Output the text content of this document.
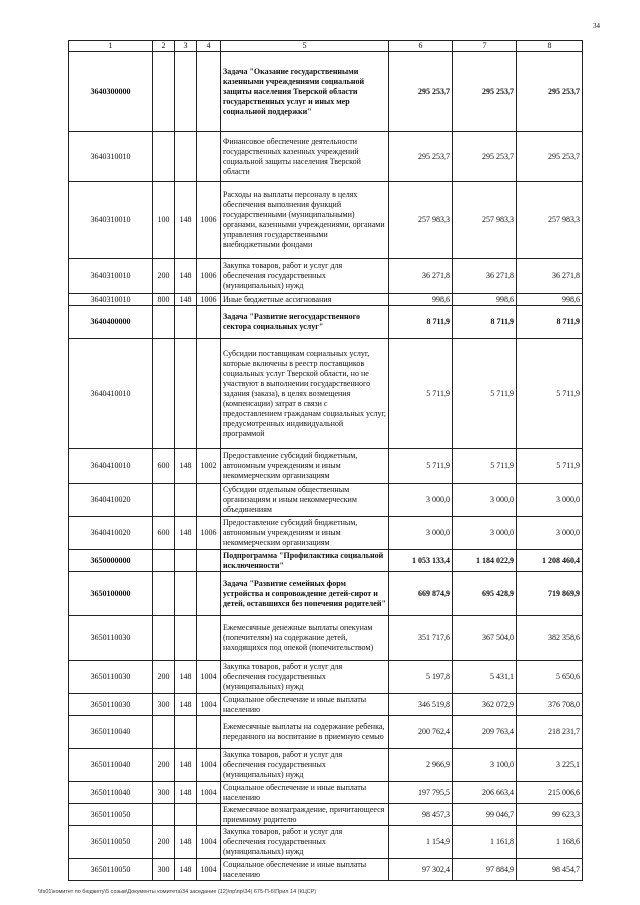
34
1	2	3	4	5	6	7	8
3640300000				Задача "Оказание государственными казенными учреждениями социальной защиты населения Тверской области государственных услуг и иных мер социальной поддержки"	295 253,7	295 253,7	295 253,7
3640310010				Финансовое обеспечение деятельности государственных казенных учреждений социальной защиты населения Тверской области	295 253,7	295 253,7	295 253,7
3640310010	100	148	1006	Расходы на выплаты персоналу в целях обеспечения выполнения функций государственными (муниципальными) органами, казенными учреждениями, органами управления государственными внебюджетными фондами	257 983,3	257 983,3	257 983,3
3640310010	200	148	1006	Закупка товаров, работ и услуг для обеспечения государственных (муниципальных) нужд	36 271,8	36 271,8	36 271,8
3640310010	800	148	1006	Иные бюджетные ассигнования	998,6	998,6	998,6
3640400000				Задача "Развитие негосударственного сектора социальных услуг"	8 711,9	8 711,9	8 711,9
3640410010				Субсидии поставщикам социальных услуг, которые включены в реестр поставщиков социальных услуг Тверской области, но не участвуют в выполнении государственного задания (заказа), в целях возмещения (компенсации) затрат в связи с предоставлением гражданам социальных услуг, предусмотренных индивидуальной программой	5 711,9	5 711,9	5 711,9
3640410010	600	148	1002	Предоставление субсидий бюджетным, автономным учреждениям и иным некоммерческим организациям	5 711,9	5 711,9	5 711,9
3640410020				Субсидии отдельным общественным организациям и иным некоммерческим объединениям	3 000,0	3 000,0	3 000,0
3640410020	600	148	1006	Предоставление субсидий бюджетным, автономным учреждениям и иным некоммерческим организациям	3 000,0	3 000,0	3 000,0
3650000000				Подпрограмма "Профилактика социальной исключенности"	1 053 133,4	1 184 022,9	1 208 460,4
3650100000				Задача "Развитие семейных форм устройства и сопровождение детей-сирот и детей, оставшихся без попечения родителей"	669 874,9	695 428,9	719 869,9
3650110030				Ежемесячные денежные выплаты опекунам (попечителям) на содержание детей, находящихся под опекой (попечительством)	351 717,6	367 504,0	382 358,6
3650110030	200	148	1004	Закупка товаров, работ и услуг для обеспечения государственных (муниципальных) нужд	5 197,8	5 431,1	5 650,6
3650110030	300	148	1004	Социальное обеспечение и иные выплаты населению	346 519,8	362 072,9	376 708,0
3650110040				Ежемесячные выплаты на содержание ребенка, переданного на воспитание в приемную семью	200 762,4	209 763,4	218 231,7
3650110040	200	148	1004	Закупка товаров, работ и услуг для обеспечения государственных (муниципальных) нужд	2 966,9	3 100,0	3 225,1
3650110040	300	148	1004	Социальное обеспечение и иные выплаты населению	197 795,5	206 663,4	215 006,6
3650110050				Ежемесячное вознаграждение, причитающееся приемному родителю	98 457,3	99 046,7	99 623,3
3650110050	200	148	1004	Закупка товаров, работ и услуг для обеспечения государственных (муниципальных) нужд	1 154,9	1 161,8	1 168,6
3650110050	300	148	1004	Социальное обеспечение и иные выплаты населению	97 302,4	97 884,9	98 454,7
\\fs01\комитет по бюджету\5 созыв\Документы комитета\34 заседание (12)\пр\пр\34) 675-П-6\Прил 14 (КЦСР)
